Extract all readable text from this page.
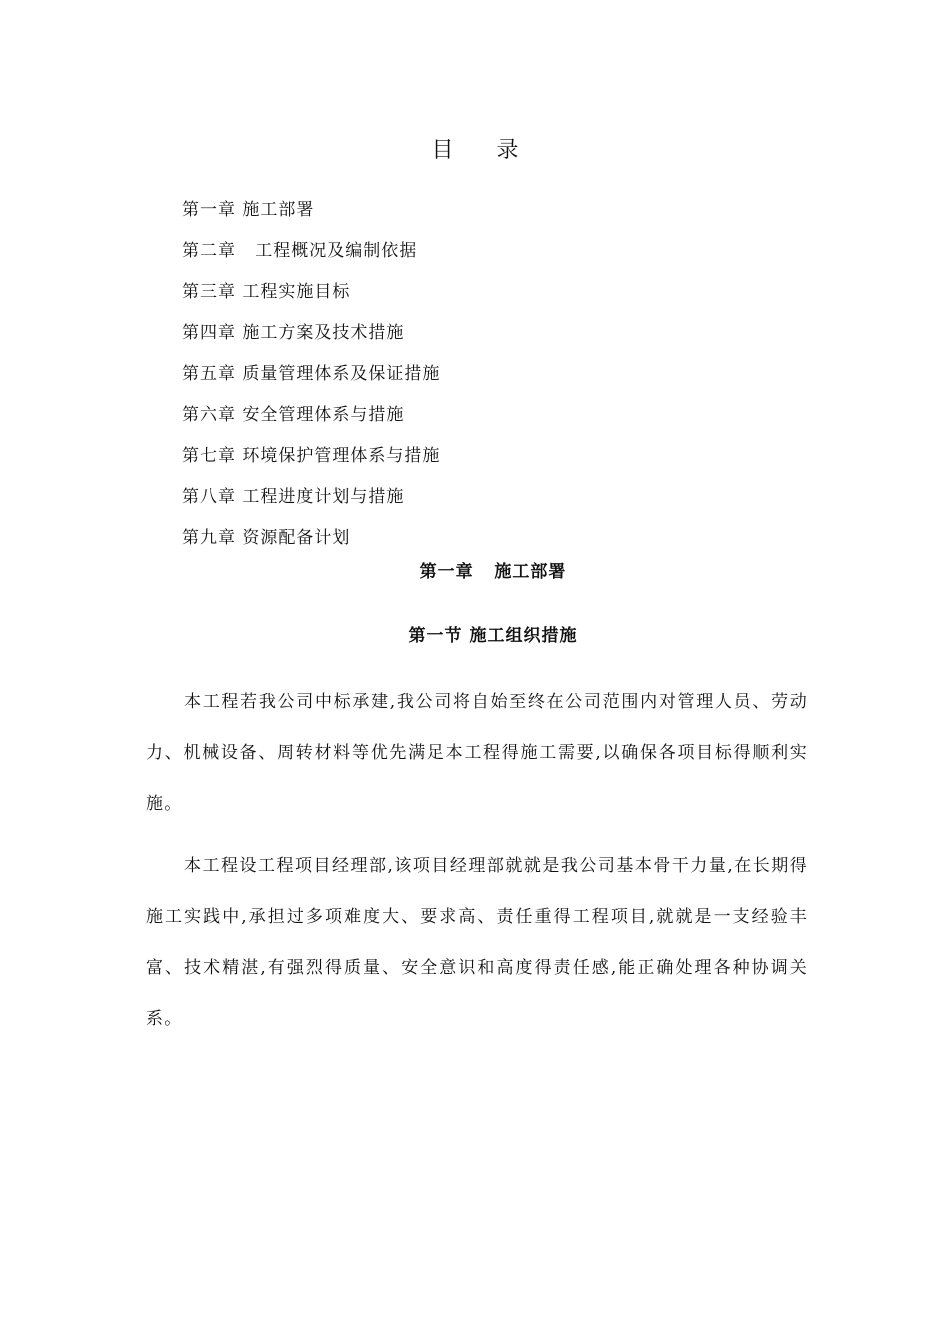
目 录
第一章 施工部署
第二章   工程概况及编制依据
第三章 工程实施目标
第四章 施工方案及技术措施
第五章 质量管理体系及保证措施
第六章 安全管理体系与措施
第七章 环境保护管理体系与措施
第八章 工程进度计划与措施
第九章 资源配备计划
第一章   施工部署
第一节 施工组织措施

本工程若我公司中标承建,我公司将自始至终在公司范围内对管理人员、劳动力、机械设备、周转材料等优先满足本工程得施工需要,以确保各项目标得顺利实施。

本工程设工程项目经理部,该项目经理部就就是我公司基本骨干力量,在长期得施工实践中,承担过多项难度大、要求高、责任重得工程项目,就就是一支经验丰富、技术精湛,有强烈得质量、安全意识和高度得责任感,能正确处理各种协调关系。
